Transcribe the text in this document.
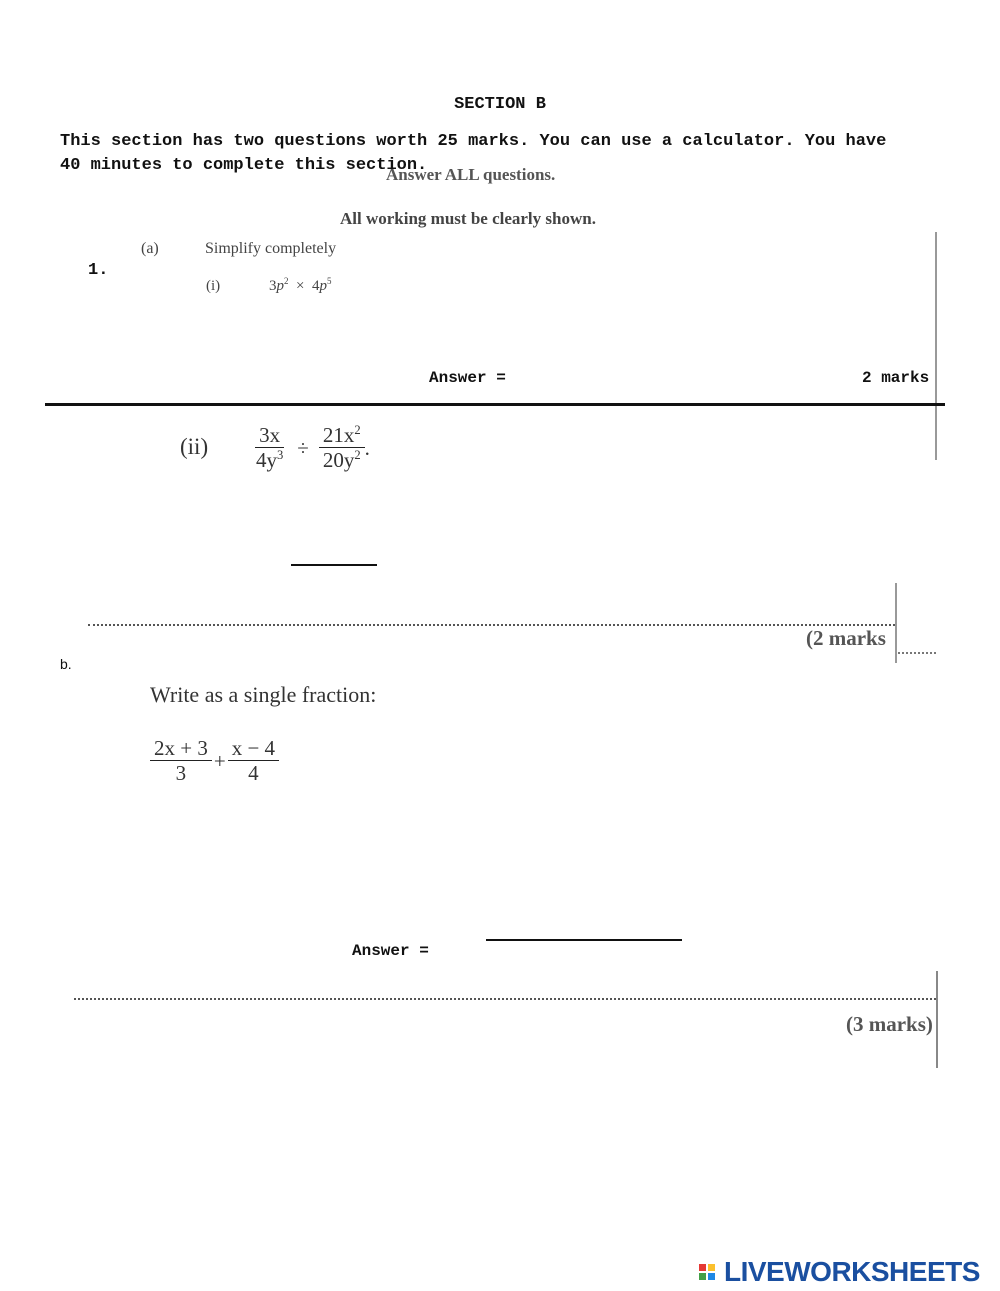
SECTION B
This section has two questions worth 25 marks. You can use a calculator. You have 40 minutes to complete this section.
Answer ALL questions.
All working must be clearly shown.
(a)	Simplify completely
1.
(i)	$3p^2 \times 4p^5$
Answer =	2 marks
$(ii) \frac{3x}{4y^3} \div \frac{21x^2}{20y^2}$ .
(2 marks
b.
Write as a single fraction:
$\frac{2x + 3}{3} + \frac{x - 4}{4}$
Answer =
(3 marks)
LIVEWORKSHEETS
